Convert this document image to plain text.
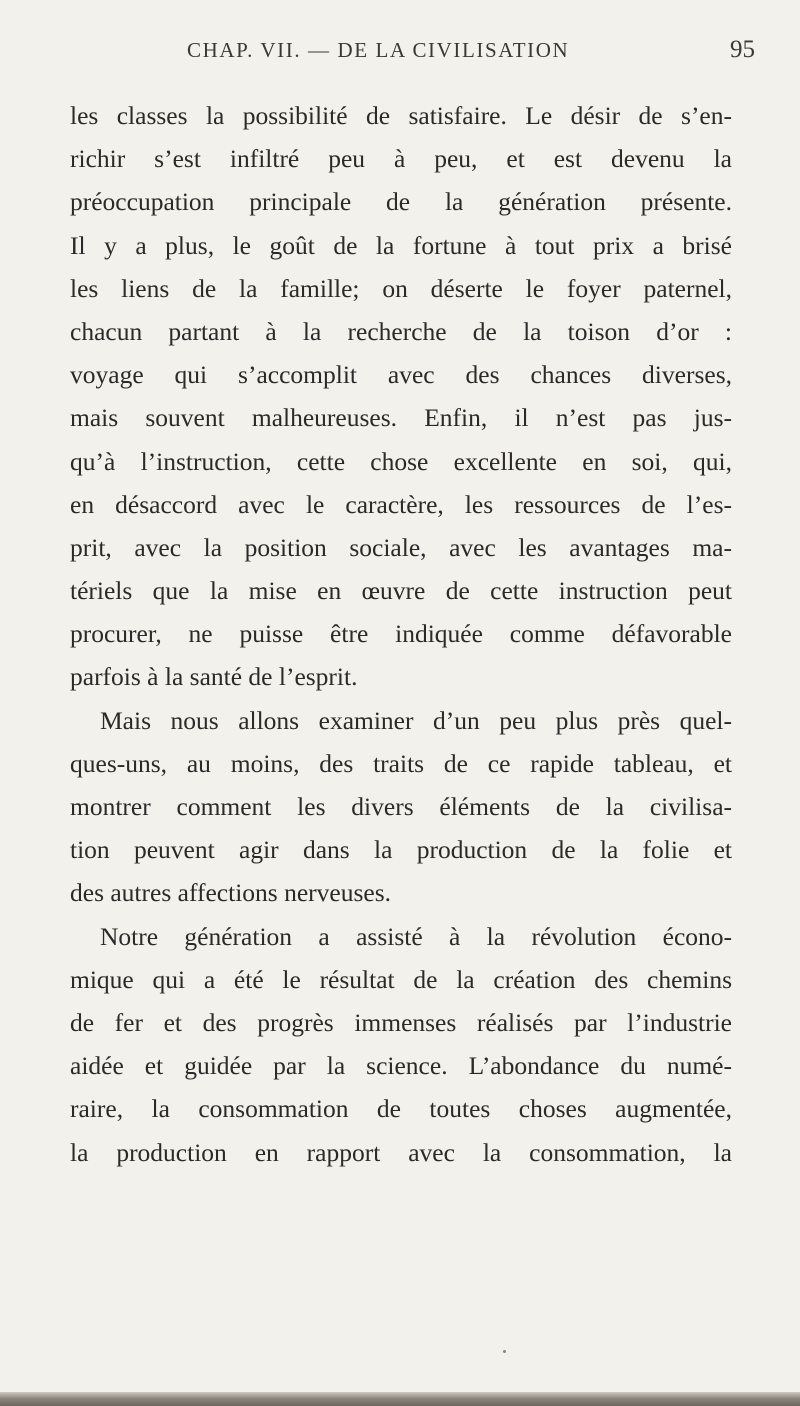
CHAP. VII. — DE LA CIVILISATION	95
les classes la possibilité de satisfaire. Le désir de s’en-
richir s’est infiltré peu à peu, et est devenu la
préoccupation principale de la génération présente.
Il y a plus, le goût de la fortune à tout prix a brisé
les liens de la famille; on déserte le foyer paternel,
chacun partant à la recherche de la toison d’or :
voyage qui s’accomplit avec des chances diverses,
mais souvent malheureuses. Enfin, il n’est pas jus-
qu’à l’instruction, cette chose excellente en soi, qui,
en désaccord avec le caractère, les ressources de l’es-
prit, avec la position sociale, avec les avantages ma-
tériels que la mise en œuvre de cette instruction peut
procurer, ne puisse être indiquée comme défavorable
parfois à la santé de l’esprit.
Mais nous allons examiner d’un peu plus près quel-
ques-uns, au moins, des traits de ce rapide tableau, et
montrer comment les divers éléments de la civilisa-
tion peuvent agir dans la production de la folie et
des autres affections nerveuses.
Notre génération a assisté à la révolution écono-
mique qui a été le résultat de la création des chemins
de fer et des progrès immenses réalisés par l’industrie
aidée et guidée par la science. L’abondance du numé-
raire, la consommation de toutes choses augmentée,
la production en rapport avec la consommation, la
